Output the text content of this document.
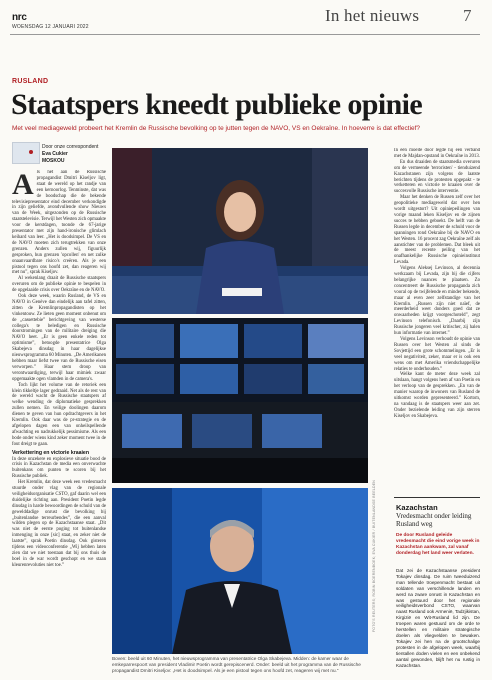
nrc
WOENSDAG 12 JANUARI 2022
In het nieuws	7
RUSLAND
Staatspers kneedt publieke opinie
Met veel mediageweld probeert het Kremlin de Russische bevolking op te jutten tegen de NAVO, VS en Oekraïne. In hoeverre is dat effectief?
Door onze correspondent
Eva Cukier
MOSKOU

Als het aan de Russische propagandist Dmitri Kiseljov ligt, staat de wereld op het randje van een kernoorlog. Tenminste, dat was de boodschap die de bekende televisiepresentator eind december verkondigde in zijn geliefde, avondvullende show Nieuws van de Week, uitgezonden op de Russische staatstelevisie. Terwijl het Westen zich opmaakte voor de kerstdagen, toonde de 67-jarige presentator met zijn hand-ironische glimlach keihard van leer. „Het is doodsimpel. De VS en de NAVO moeten zich terugtrekken van onze grenzen. Anders zullen wij, figuurlijk gesproken, hun grenzen 'opcollen' en net zulke onaanvaardbare risico's creëren. Als je een pistool tegen ons hoofd zet, dan reageren wij met nu”, sprak Kiseljov.

Al wekenlang draait de Russische staatspers overuren om de publieke opinie te bespelen in de opgelaaide crisis over Oekraïne en de NAVO.

Ook deze week, waarin Rusland, de VS en NAVO in Genève dan eindelijk aan tafel zitten, zitten de Kremlinpropagandisten op het vinkentouw. Ze lieten geen moment onbenut om de „cassettebie” berichtgeving van westerse collega's te beledigen en Russische doorstromingen van de militaire dreiging die NAVO heet. „Er is geen enkele reden tot optimisme”, betoogde presentatrice Olga Skabejeva dinsdag in haar dagelijkse nieuwsprogramma 60 Minuten. „De Amerikanen hebben maar liefst twee van de Russische eisen verworpen.” Haar stem droop van verontwaardiging, terwijl haar mimiek zwaar opgemaakte ogen vlamden in de camera's.

Toch lijkt het volume van de retoriek een klein tikkeltje lager gedraaid. Net als de rest van de wereld wacht de Russische staatspers af welke wending de diplomatieke gesprekken zullen nemen. En veilige doolingen daarom dienen te geven van hun opdrachtgevers in het Kremlin. Ook daar was de pr-strategie en de afgelopen dagen een van onheilspellende afwachting en nadrukkelijk pessimisme. Als een bode onder wiens kind zeker moment twee in de fout dreigt te gaan.

Verkettering en victorie kraaien

In deze onzekere en explosieve situatie bood de crisis in Kazachstan de media een onverwachte buitenkans om punten te scoren bij het Russische publiek.

Het Kremlin, dat deze week een vredesmacht stuurde onder vlag van de regionale veiligheidsorganisatie CSTO, gaf daarin wel een duidelijke richting aan. President Poetin legde dinsdag in harde bewoordingen de schuld van de gewelddadige onrust die bevolking bij „buitenlandse terreurbendes”, die een aanval wilden plegen op de Kazachstaanse staat. „Dit was niet de eerste poging tot buitenlandse inmenging in onze [sic] staat, en zeker niet de laatste”, sprak Poetin dinsdag. Ook gisteren tijdens een videoconferentie „Wij hebben laten zien dat we niet toestaan dat bij ons thuis de boel in de war wordt geschopt en we staan kleurenrevoluties niet toe.”

Boven: beeld uit 60 Minuten, het nieuwsprogramma van presentatrice Olga Skabejeva. Midden: de kamer waar de emkeparrespoort van president Vladimir Poetin wordt gerepiscenerd. Onder: beeld uit het programma van de Russische propagandist Dmitri Kiseljov: „Het is doodsimpel. Als je een pistool tegen ons hoofd zet, reageren wij met nu.”
FOTO'S REUTERS; ROBIN BOERENBOEK; EVA CUKIER / BUITENLANDSE BEELDEN

In één moeite door legde hij een verband met de Majdan-opstand in Oekraïne in 2013.

En dus draaiden de staatsmedia overuren om de vermeende 'terroristen' - tienduizend Kazachstanen zijn volgens de laatste berichten tijdens de protesten opgepakt - te verketteren en victorie te kraaien over de succesvolle Russische interventie.

Maar het denken de Russen zelf over het geopolitieke mediageweld dat over hen wordt uitgestort? Uit opiniepeilingen van vorige maand leken Kiseljov en de zijnen succes te hebben geboekt. De helft van de Russen legde in december de schuld voor de spanningen rond Oekraïne bij de NAVO en het Westen. 16 procent zag Oekraïne zelf als aanstichter van de problemen. Dat bleek uit de meest recente peiling van het onafhankelijke Russische opinieinstituut Levada.

Volgens Aleksej Levinson, al decennia werkzaam bij Levada, zijn bij die cijfers belangrijke nuances te plaatsen. Zo concentreert de Russische propaganda zich vooral op de twijfelende en minder bekende, maar al even zeer zelfstandige van het Kremlin. „Russen zijn niet naïef, de meerderheid weet donders goed dat ze onwaarheden krijgt voorgeschoteld”, zegt Levinson telefonisch. „Daarbij zijn Russische jongeren veel kritischer, zij halen hun informatie van internet.”

Volgens Levinson verhoudt de opinie van Russen over het Westen al sinds de Sovjettijd een grote schommelingen. „Er is veel negativiteit, zeker, maar er is ook een wens om met Amerika vriendschappelijke relaties te onderhouden.”

Welke kant de meter deze week zal uitslaan, hangt volgens hem af van Poetin en het verloop van de gesprekken. „En van de manier waarop de inwoners van Rusland de uitkomst worden gepresenteerd.” Kortom, na vandaag is de staatspers weer aan zet. Onder bezielende leiding van zijn sterren Kiseljov en Skabejeva.

Kazachstan
Vredesmacht onder leiding Rusland weg
De door Rusland geleide vredesmacht die eind vorige week in Kazachstan aankwam, zal vanaf donderdag het land weer verlaten.
Dat zei de Kazachstaanse president Tokajev dinsdag. De ruim tweeduizend man tellende troepenmacht bestaat uit soldaten van verschillende landen en werd na zware onrust in Kazachstan en was gestuurd door het regionale veiligheidsverbond CSTO, waarvan naast Rusland ook Armenië, Tadzjikistan, Kirgizië en Wit-Rusland lid zijn. De troepen waren gestuurd om de orde te herstellen en militaire strategische doelen als vliegvelden te bewaken. Tokajev zei hen na de grootschalige protesten in de afgelopen week, waarbij tientallen doden vielen en een onbekend aantal gewonden, blijft het nu rustig in Kazachstan.
